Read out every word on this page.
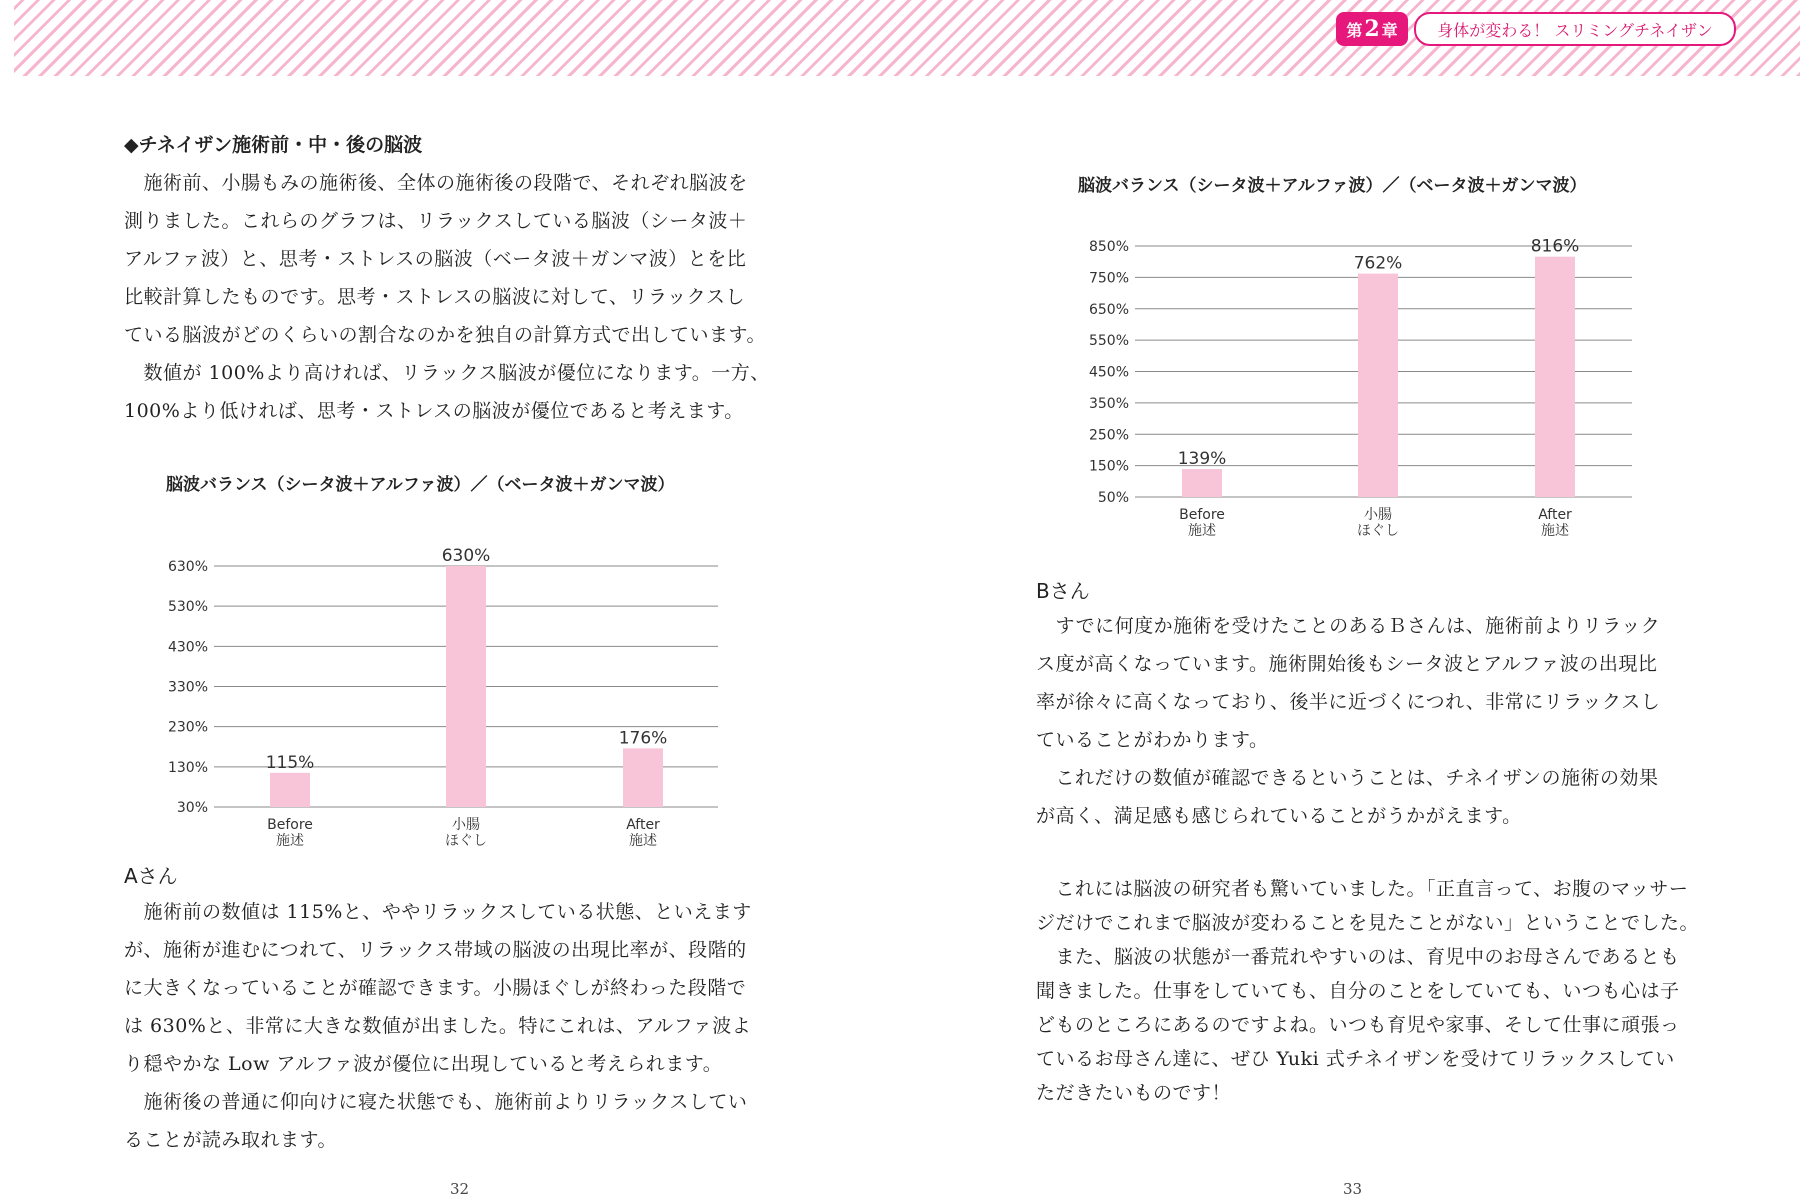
第 2 章	身体が変わる！ スリミングチネイザン
◆チネイザン施術前・中・後の脳波
　施術前、小腸もみの施術後、全体の施術後の段階で、それぞれ脳波を
測りました。これらのグラフは、リラックスしている脳波（シータ波＋
アルファ波）と、思考・ストレスの脳波（ベータ波＋ガンマ波）とを比
比較計算したものです。思考・ストレスの脳波に対して、リラックスし
ている脳波がどのくらいの割合なのかを独自の計算方式で出しています。
　数値が 100%より高ければ、リラックス脳波が優位になります。一方、
100%より低ければ、思考・ストレスの脳波が優位であると考えます。
脳波バランス（シータ波＋アルファ波）／（ベータ波＋ガンマ波）
30%
130%
230%
330%
430%
530%
630%
115%
Before
施述
630%
小腸
ほぐし
176%
After
施述
Aさん
　施術前の数値は 115%と、ややリラックスしている状態、といえます
が、施術が進むにつれて、リラックス帯域の脳波の出現比率が、段階的
に大きくなっていることが確認できます。小腸ほぐしが終わった段階で
は 630%と、非常に大きな数値が出ました。特にこれは、アルファ波よ
り穏やかな Low アルファ波が優位に出現していると考えられます。
　施術後の普通に仰向けに寝た状態でも、施術前よりリラックスしてい
ることが読み取れます。
32
脳波バランス（シータ波＋アルファ波）／（ベータ波＋ガンマ波）
50%
150%
250%
350%
450%
550%
650%
750%
850%
139%
Before
施述
762%
小腸
ほぐし
816%
After
施述
Bさん
　すでに何度か施術を受けたことのあるＢさんは、施術前よりリラック
ス度が高くなっています。施術開始後もシータ波とアルファ波の出現比
率が徐々に高くなっており、後半に近づくにつれ、非常にリラックスし
ていることがわかります。
　これだけの数値が確認できるということは、チネイザンの施術の効果
が高く、満足感も感じられていることがうかがえます。
　これには脳波の研究者も驚いていました。「正直言って、お腹のマッサー
ジだけでこれまで脳波が変わることを見たことがない」ということでした。
　また、脳波の状態が一番荒れやすいのは、育児中のお母さんであるとも
聞きました。仕事をしていても、自分のことをしていても、いつも心は子
どものところにあるのですよね。いつも育児や家事、そして仕事に頑張っ
ているお母さん達に、ぜひ Yuki 式チネイザンを受けてリラックスしてい
ただきたいものです！
33
